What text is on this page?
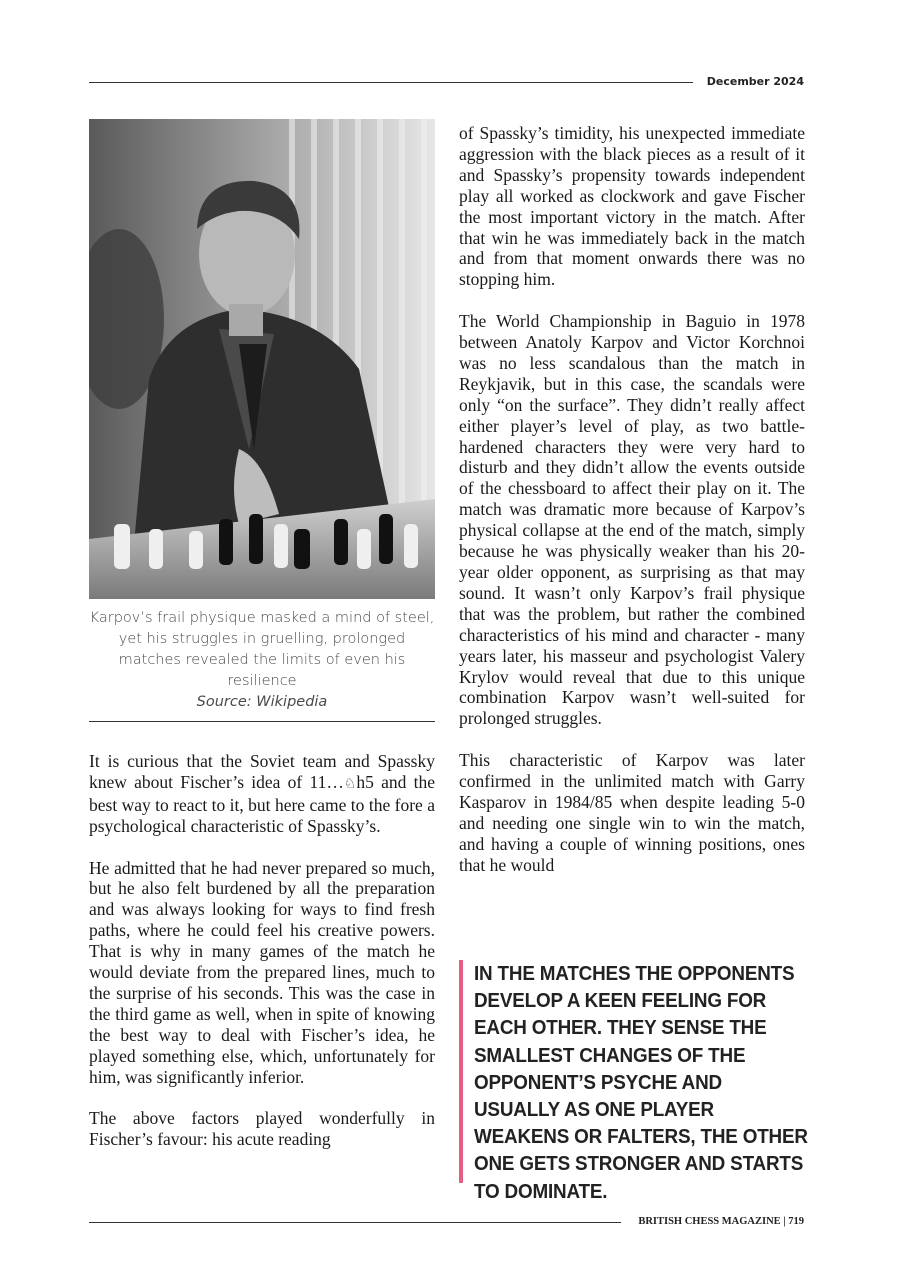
December 2024
Karpov’s frail physique masked a mind of steel, yet his struggles in gruelling, prolonged matches revealed the limits of even his resilience
Source: Wikipedia

It is curious that the Soviet team and Spassky knew about Fischer’s idea of 11…♘h5 and the best way to react to it, but here came to the fore a psychological characteristic of Spassky’s.

He admitted that he had never prepared so much, but he also felt burdened by all the preparation and was always looking for ways to find fresh paths, where he could feel his creative powers. That is why in many games of the match he would deviate from the prepared lines, much to the surprise of his seconds. This was the case in the third game as well, when in spite of knowing the best way to deal with Fischer’s idea, he played something else, which, unfortunately for him, was significantly inferior.

The above factors played wonderfully in Fischer’s favour: his acute reading

of Spassky’s timidity, his unexpected immediate aggression with the black pieces as a result of it and Spassky’s propensity towards independent play all worked as clockwork and gave Fischer the most important victory in the match. After that win he was immediately back in the match and from that moment onwards there was no stopping him.

The World Championship in Baguio in 1978 between Anatoly Karpov and Victor Korchnoi was no less scandalous than the match in Reykjavik, but in this case, the scandals were only “on the surface”. They didn’t really affect either player’s level of play, as two battle-hardened characters they were very hard to disturb and they didn’t allow the events outside of the chessboard to affect their play on it. The match was dramatic more because of Karpov’s physical collapse at the end of the match, simply because he was physically weaker than his 20-year older opponent, as surprising as that may sound. It wasn’t only Karpov’s frail physique that was the problem, but rather the combined characteristics of his mind and character - many years later, his masseur and psychologist Valery Krylov would reveal that due to this unique combination Karpov wasn’t well-suited for prolonged struggles.

This characteristic of Karpov was later confirmed in the unlimited match with Garry Kasparov in 1984/85 when despite leading 5-0 and needing one single win to win the match, and having a couple of winning positions, ones that he would

IN THE MATCHES THE OPPONENTS DEVELOP A KEEN FEELING FOR EACH OTHER. THEY SENSE THE SMALLEST CHANGES OF THE OPPONENT’S PSYCHE AND USUALLY AS ONE PLAYER WEAKENS OR FALTERS, THE OTHER ONE GETS STRONGER AND STARTS TO DOMINATE.
BRITISH CHESS MAGAZINE | 719
